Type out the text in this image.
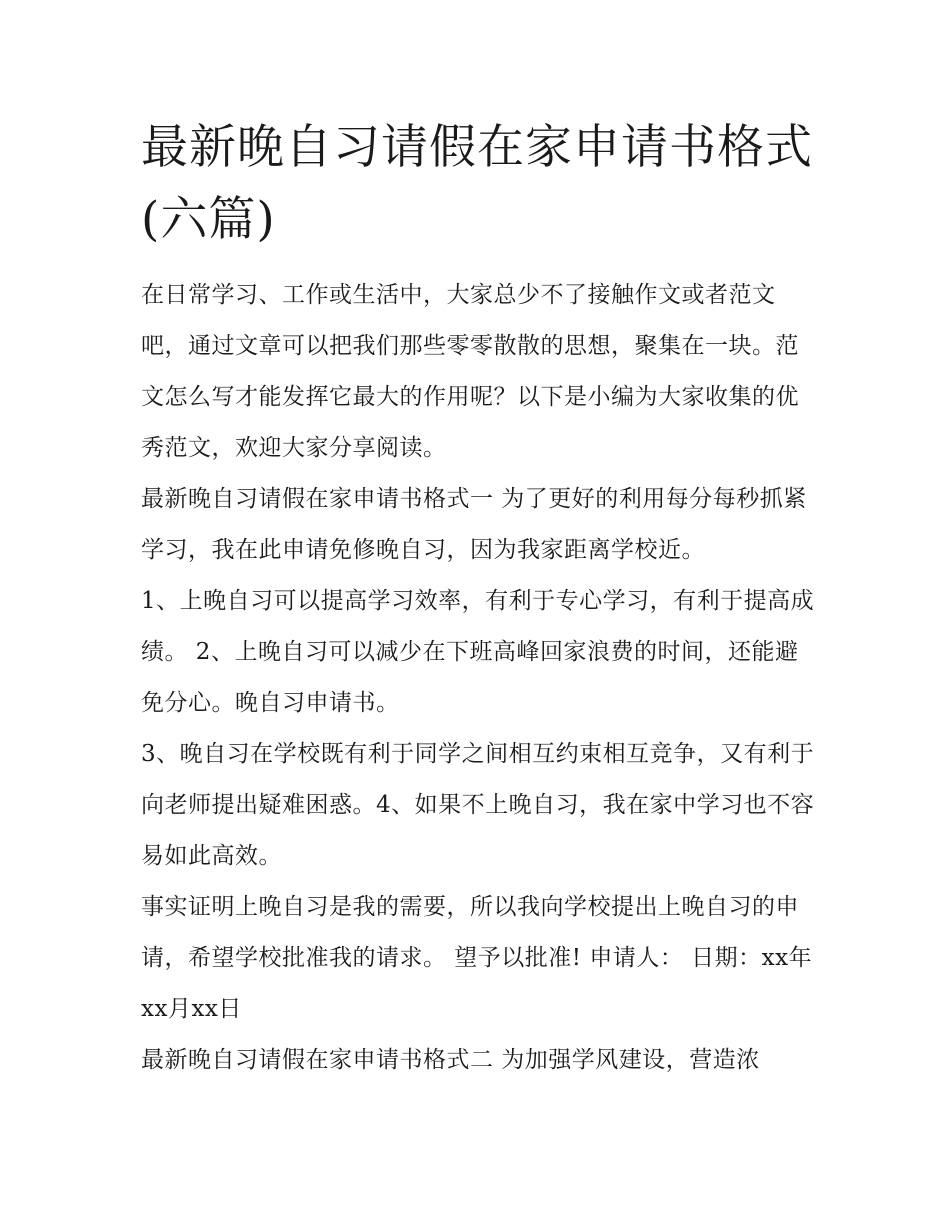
最新晚自习请假在家申请书格式(六篇)

在日常学习、工作或生活中，大家总少不了接触作文或者范文吧，通过文章可以把我们那些零零散散的思想，聚集在一块。范文怎么写才能发挥它最大的作用呢？以下是小编为大家收集的优秀范文，欢迎大家分享阅读。

最新晚自习请假在家申请书格式一 为了更好的利用每分每秒抓紧学习，我在此申请免修晚自习，因为我家距离学校近。

1、上晚自习可以提高学习效率，有利于专心学习，有利于提高成绩。 2、上晚自习可以减少在下班高峰回家浪费的时间，还能避免分心。晚自习申请书。

3、晚自习在学校既有利于同学之间相互约束相互竞争，又有利于向老师提出疑难困惑。4、如果不上晚自习，我在家中学习也不容易如此高效。

事实证明上晚自习是我的需要，所以我向学校提出上晚自习的申请，希望学校批准我的请求。 望予以批准! 申请人： 日期：xx年xx月xx日

最新晚自习请假在家申请书格式二 为加强学风建设，营造浓
